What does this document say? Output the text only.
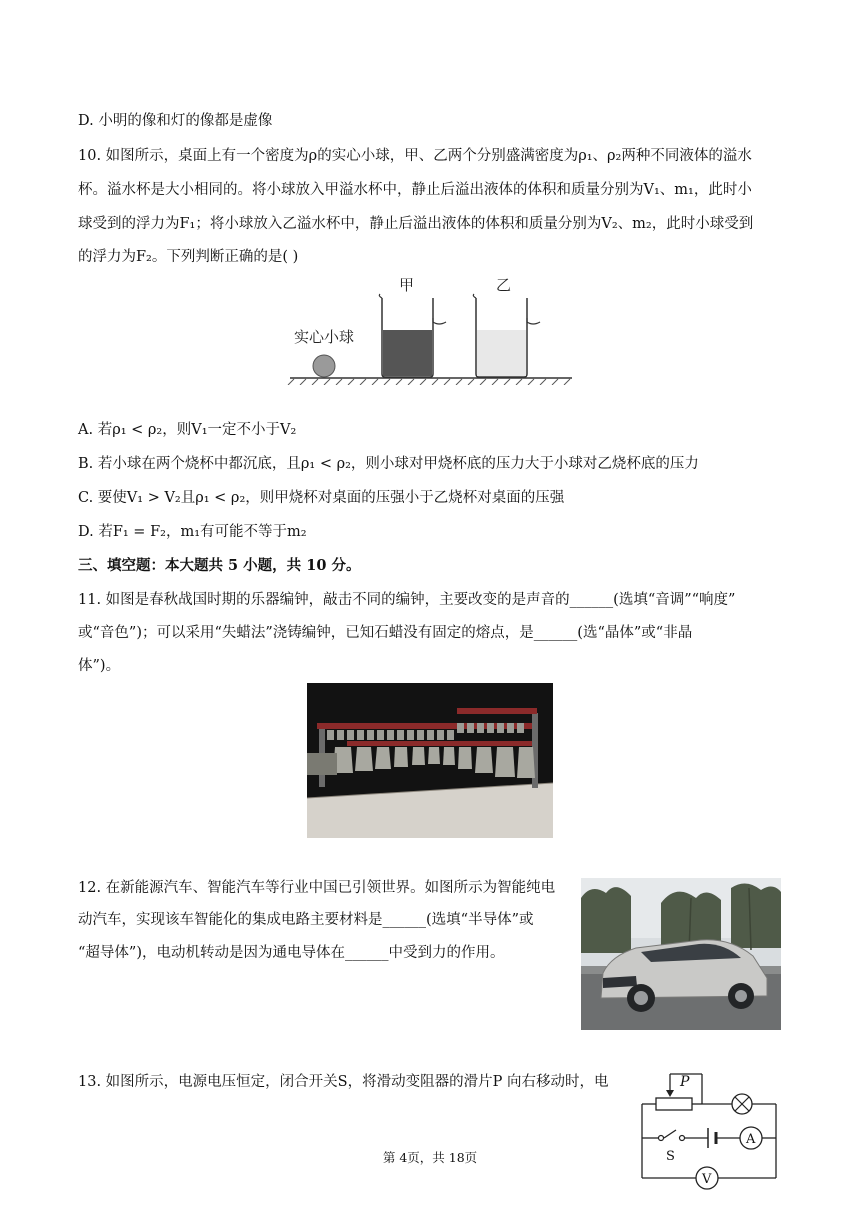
D. 小明的像和灯的像都是虚像
10. 如图所示，桌面上有一个密度为ρ的实心小球，甲、乙两个分别盛满密度为ρ₁、ρ₂两种不同液体的溢水
杯。溢水杯是大小相同的。将小球放入甲溢水杯中，静止后溢出液体的体积和质量分别为V₁、m₁，此时小
球受到的浮力为F₁；将小球放入乙溢水杯中，静止后溢出液体的体积和质量分别为V₂、m₂，此时小球受到
的浮力为F₂。下列判断正确的是( )
实心小球
甲	乙
A. 若ρ₁ < ρ₂，则V₁一定不小于V₂
B. 若小球在两个烧杯中都沉底，且ρ₁ < ρ₂，则小球对甲烧杯底的压力大于小球对乙烧杯底的压力
C. 要使V₁ > V₂且ρ₁ < ρ₂，则甲烧杯对桌面的压强小于乙烧杯对桌面的压强
D. 若F₁ = F₂，m₁有可能不等于m₂
三、填空题：本大题共 5 小题，共 10 分。
11. 如图是春秋战国时期的乐器编钟，敲击不同的编钟，主要改变的是声音的______(选填“音调”“响度”
或“音色”)；可以采用“失蜡法”浇铸编钟，已知石蜡没有固定的熔点，是______(选“晶体”或“非晶
体”)。
12. 在新能源汽车、智能汽车等行业中国已引领世界。如图所示为智能纯电
动汽车，实现该车智能化的集成电路主要材料是______(选填“半导体”或
“超导体”)，电动机转动是因为通电导体在______中受到力的作用。
13. 如图所示，电源电压恒定，闭合开关S，将滑动变阻器的滑片P 向右移动时，电
A
V
P
S
第 4页，共 18页
